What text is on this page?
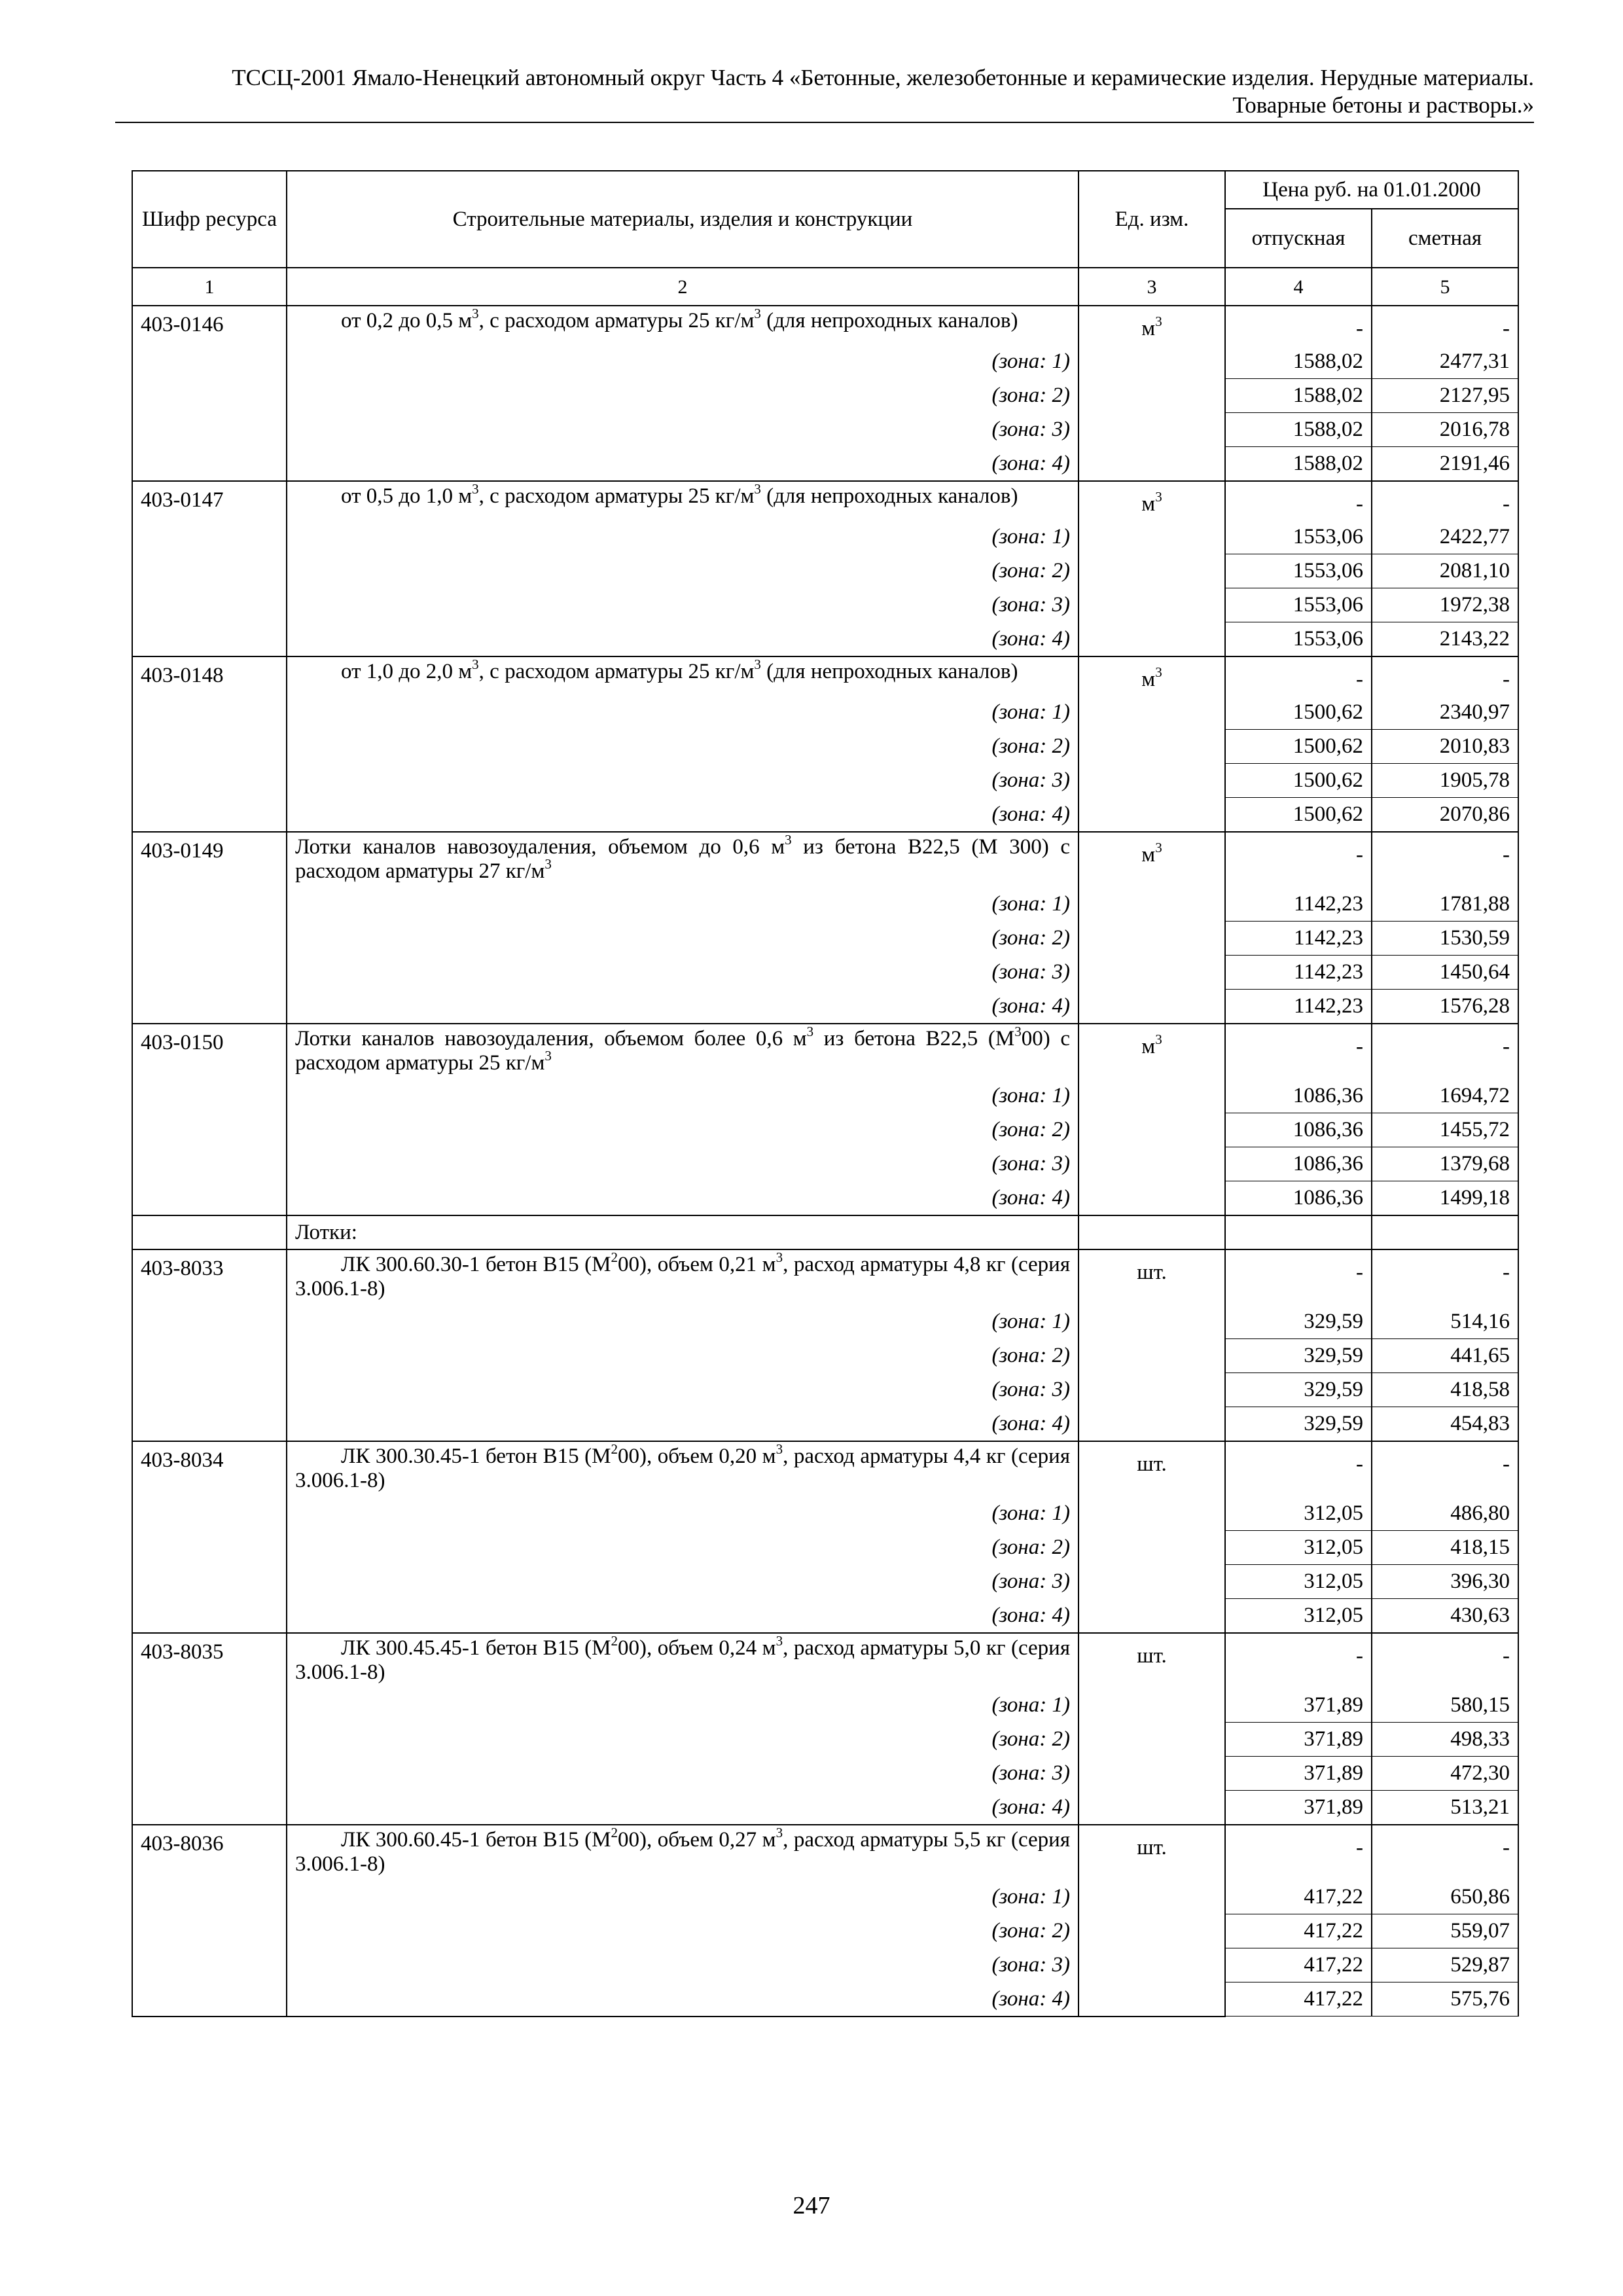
ТССЦ-2001 Ямало-Ненецкий автономный округ Часть 4 «Бетонные, железобетонные и керамические изделия. Нерудные материалы.
Товарные бетоны и растворы.»
Шифр ресурса	Строительные материалы, изделия и конструкции	Ед. изм.	Цена руб. на 01.01.2000	
			отпускная	сметная
1	2	3	4	5
403-0146	от 0,2 до 0,5 $м^3$, с расходом арматуры 25 $кг/м^3$ (для непроходных каналов)	$м^3$	-	-
	(зона: 1)		1588,02	2477,31
	(зона: 2)		1588,02	2127,95
	(зона: 3)		1588,02	2016,78
	(зона: 4)		1588,02	2191,46
403-0147	от 0,5 до 1,0 $м^3$, с расходом арматуры 25 $кг/м^3$ (для непроходных каналов)	$м^3$	-	-
	(зона: 1)		1553,06	2422,77
	(зона: 2)		1553,06	2081,10
	(зона: 3)		1553,06	1972,38
	(зона: 4)		1553,06	2143,22
403-0148	от 1,0 до 2,0 $м^3$, с расходом арматуры 25 $кг/м^3$ (для непроходных каналов)	$м^3$	-	-
	(зона: 1)		1500,62	2340,97
	(зона: 2)		1500,62	2010,83
	(зона: 3)		1500,62	1905,78
	(зона: 4)		1500,62	2070,86
403-0149	Лотки каналов навозоудаления, объемом до 0,6 $м^3$ из бетона В22,5 (М 300) с расходом арматуры 27 $кг/м^3$	$м^3$	-	-
	(зона: 1)		1142,23	1781,88
	(зона: 2)		1142,23	1530,59
	(зона: 3)		1142,23	1450,64
	(зона: 4)		1142,23	1576,28
403-0150	Лотки каналов навозоудаления, объемом более 0,6 $м^3$ из бетона В22,5 $(М^300)$ с расходом арматуры 25 $кг/м^3$	$м^3$	-	-
	(зона: 1)		1086,36	1694,72
	(зона: 2)		1086,36	1455,72
	(зона: 3)		1086,36	1379,68
	(зона: 4)		1086,36	1499,18
	Лотки:			
403-8033	ЛК 300.60.30-1 бетон В15 $(М^200)$, объем 0,21 $м^3$, расход арматуры 4,8 кг (серия 3.006.1-8)	шт.	-	-
	(зона: 1)		329,59	514,16
	(зона: 2)		329,59	441,65
	(зона: 3)		329,59	418,58
	(зона: 4)		329,59	454,83
403-8034	ЛК 300.30.45-1 бетон В15 $(М^200)$, объем 0,20 $м^3$, расход арматуры 4,4 кг (серия 3.006.1-8)	шт.	-	-
	(зона: 1)		312,05	486,80
	(зона: 2)		312,05	418,15
	(зона: 3)		312,05	396,30
	(зона: 4)		312,05	430,63
403-8035	ЛК 300.45.45-1 бетон В15 $(М^200)$, объем 0,24 $м^3$, расход арматуры 5,0 кг (серия 3.006.1-8)	шт.	-	-
	(зона: 1)		371,89	580,15
	(зона: 2)		371,89	498,33
	(зона: 3)		371,89	472,30
	(зона: 4)		371,89	513,21
403-8036	ЛК 300.60.45-1 бетон В15 $(М^200)$, объем 0,27 $м^3$, расход арматуры 5,5 кг (серия 3.006.1-8)	шт.	-	-
	(зона: 1)		417,22	650,86
	(зона: 2)		417,22	559,07
	(зона: 3)		417,22	529,87
	(зона: 4)		417,22	575,76
247
